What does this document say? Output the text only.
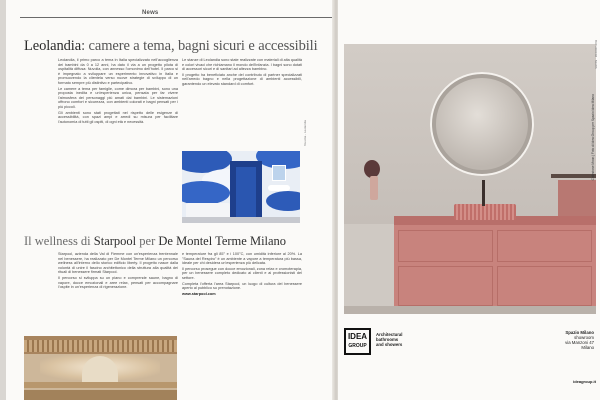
News
Leolandia: camere a tema, bagni sicuri e accessibili

Leolandia, il primo parco a tema in Italia specializzato nell'accoglienza dei bambini da 0 a 12 anni, ha dato il via a un progetto pilota di ospitalità diffusa: Nuvolia, con annesso l'omonimo dell'hotel. Il parco si è impegnato a sviluppare un esperimento innovativo in Italia e promuovendo la clientela verso nuove strategie di sviluppo di un formato sempre più distintivo e partecipativo.

Le camere a tema per famiglie, come dimora per bambini, sono una proposta inedita e un'esperienza unica, pensata per far vivere l'atmosfera dei personaggi più amati dai bambini. Le sistemazioni offrono comfort e sicurezza, con ambienti colorati e bagni pensati per i più piccoli.

Gli ambienti sono stati progettati nel rispetto delle esigenze di accessibilità, con spazi ampi e arredi su misura per facilitare l'autonomia di tutti gli ospiti, di ogni età e necessità.

Le stanze di Leolandia sono state realizzate con materiali di alta qualità e colori vivaci che richiamano il mondo dell'infanzia. I bagni sono dotati di accessori sicuri e di sanitari ad altezza bambino.

Il progetto ha beneficiato anche del contributo di partner specializzati nell'arredo bagno e nella progettazione di ambienti accessibili, garantendo un elevato standard di comfort.

Nuvolia - Leolandia
Il wellness di Starpool per De Montel Terme Milano

Starpool, azienda della Val di Fiemme con un'esperienza trentennale nel benessere, ha realizzato per De Montel Terme Milano un percorso wellness all'interno dello storico edificio liberty. Il progetto nasce dalla volontà di unire il fascino architettonico della struttura alla qualità dei rituali di benessere firmati Starpool.

Il percorso si sviluppa su un piano e comprende saune, bagno di vapore, docce emozionali e aree relax, pensati per accompagnare l'ospite in un'esperienza di rigenerazione.

e temperature fra gli 85° e i 100°C, con umidità inferiore al 20%. La "Sauna del Respiro" è un ambiente a vapore a temperatura più bassa, ideale per chi desidera un'esperienza più delicata.

Il percorso prosegue con docce emozionali, zona relax e cromoterapia, per un benessere completo dedicato ai clienti e ai professionisti del settore.

Completa l'offerta l'area Starpool, un luogo di cultura del benessere aperto al pubblico su prenotazione.

www.starpool.com

Collezione Moon | Foto di Idea Group per Spazio Idea Milano
IDEA
GROUP
Architectural
bathrooms
and showers
Spazio Milano
showroom
via Manzoni 47
Milano
ideagroup.it
BATHROOM · NEWS
